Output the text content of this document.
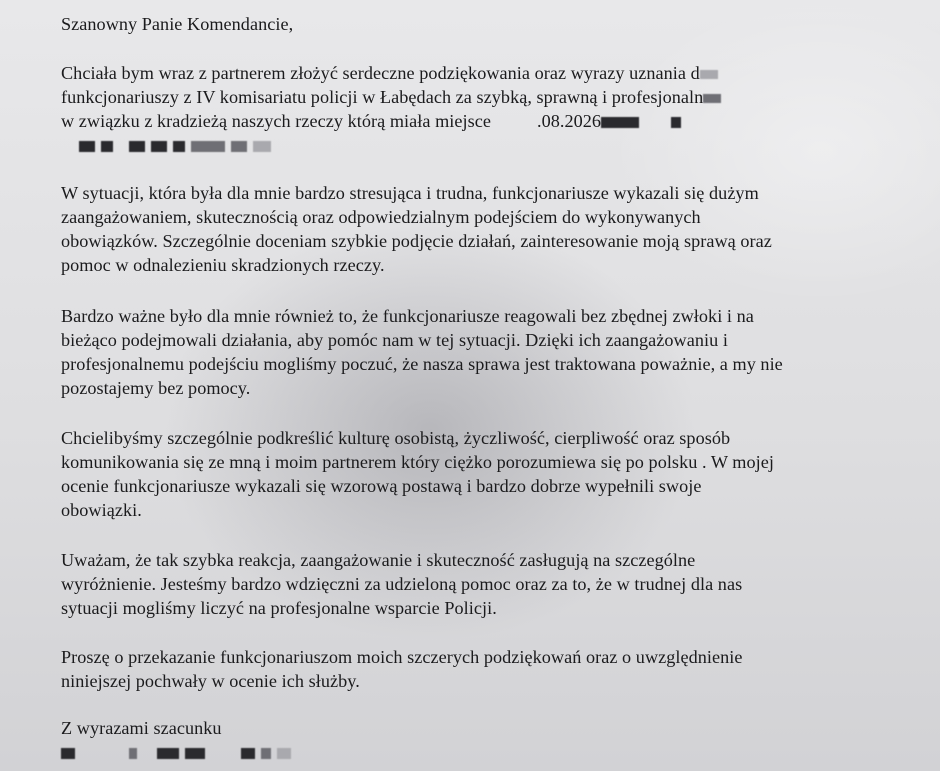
Szanowny Panie Komendancie,
Chciała bym wraz z partnerem złożyć serdeczne podziękowania oraz wyrazy uznania d
funkcjonariuszy z IV komisariatu policji w Łabędach za szybką, sprawną i profesjonaln
w związku z kradzieżą naszych rzeczy którą miała miejsce	.08.2026
W sytuacji, która była dla mnie bardzo stresująca i trudna, funkcjonariusze wykazali się dużym
zaangażowaniem, skutecznością oraz odpowiedzialnym podejściem do wykonywanych
obowiązków. Szczególnie doceniam szybkie podjęcie działań, zainteresowanie moją sprawą oraz
pomoc w odnalezieniu skradzionych rzeczy.
Bardzo ważne było dla mnie również to, że funkcjonariusze reagowali bez zbędnej zwłoki i na
bieżąco podejmowali działania, aby pomóc nam w tej sytuacji. Dzięki ich zaangażowaniu i
profesjonalnemu podejściu mogliśmy poczuć, że nasza sprawa jest traktowana poważnie, a my nie
pozostajemy bez pomocy.
Chcielibyśmy szczególnie podkreślić kulturę osobistą, życzliwość, cierpliwość oraz sposób
komunikowania się ze mną i moim partnerem który ciężko porozumiewa się po polsku . W mojej
ocenie funkcjonariusze wykazali się wzorową postawą i bardzo dobrze wypełnili swoje
obowiązki.
Uważam, że tak szybka reakcja, zaangażowanie i skuteczność zasługują na szczególne
wyróżnienie. Jesteśmy bardzo wdzięczni za udzieloną pomoc oraz za to, że w trudnej dla nas
sytuacji mogliśmy liczyć na profesjonalne wsparcie Policji.
Proszę o przekazanie funkcjonariuszom moich szczerych podziękowań oraz o uwzględnienie
niniejszej pochwały w ocenie ich służby.
Z wyrazami szacunku
